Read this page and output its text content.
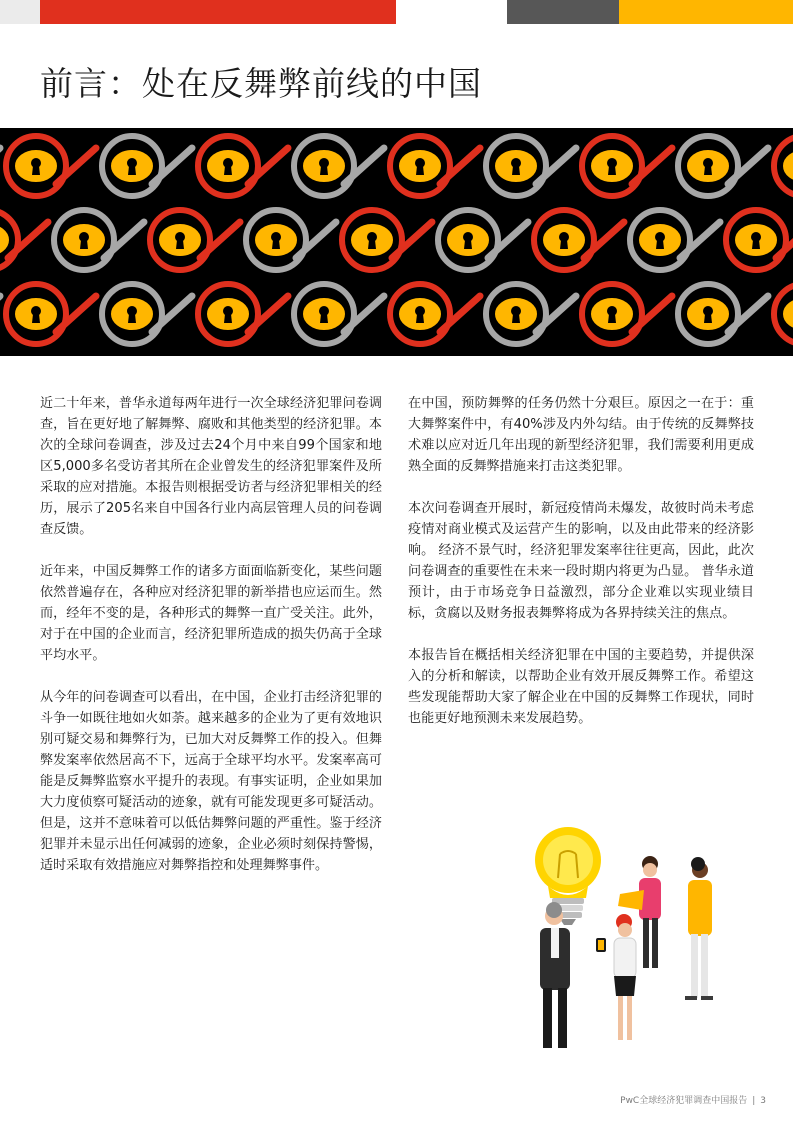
前言：处在反舞弊前线的中国

近二十年来，普华永道每两年进行一次全球经济犯罪问卷调查，旨在更好地了解舞弊、腐败和其他类型的经济犯罪。本次的全球问卷调查，涉及过去24个月中来自99个国家和地区5,000多名受访者其所在企业曾发生的经济犯罪案件及所采取的应对措施。本报告则根据受访者与经济犯罪相关的经历，展示了205名来自中国各行业内高层管理人员的问卷调查反馈。

近年来，中国反舞弊工作的诸多方面面临新变化，某些问题依然普遍存在，各种应对经济犯罪的新举措也应运而生。然而，经年不变的是，各种形式的舞弊一直广受关注。此外，对于在中国的企业而言，经济犯罪所造成的损失仍高于全球平均水平。

从今年的问卷调查可以看出，在中国，企业打击经济犯罪的斗争一如既往地如火如荼。越来越多的企业为了更有效地识别可疑交易和舞弊行为，已加大对反舞弊工作的投入。但舞弊发案率依然居高不下，远高于全球平均水平。发案率高可能是反舞弊监察水平提升的表现。有事实证明，企业如果加大力度侦察可疑活动的迹象，就有可能发现更多可疑活动。但是，这并不意味着可以低估舞弊问题的严重性。鉴于经济犯罪并未显示出任何减弱的迹象，企业必须时刻保持警惕，适时采取有效措施应对舞弊指控和处理舞弊事件。

在中国，预防舞弊的任务仍然十分艰巨。原因之一在于：重大舞弊案件中，有40%涉及内外勾结。由于传统的反舞弊技术难以应对近几年出现的新型经济犯罪，我们需要利用更成熟全面的反舞弊措施来打击这类犯罪。

本次问卷调查开展时，新冠疫情尚未爆发，故彼时尚未考虑疫情对商业模式及运营产生的影响，以及由此带来的经济影响。 经济不景气时，经济犯罪发案率往往更高，因此，此次问卷调查的重要性在未来一段时期内将更为凸显。 普华永道预计，由于市场竞争日益激烈，部分企业难以实现业绩目标，贪腐以及财务报表舞弊将成为各界持续关注的焦点。

本报告旨在概括相关经济犯罪在中国的主要趋势，并提供深入的分析和解读，以帮助企业有效开展反舞弊工作。希望这些发现能帮助大家了解企业在中国的反舞弊工作现状，同时也能更好地预测未来发展趋势。

PwC全球经济犯罪调查中国报告 | 3
